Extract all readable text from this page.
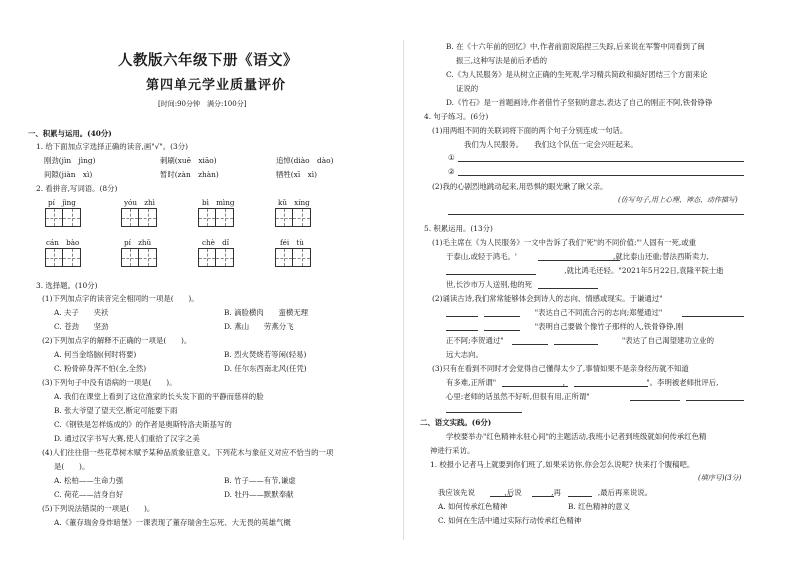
人教版六年级下册《语文》
第四单元学业质量评价
[时间:90分钟　满分:100分]
一、积累与运用。(40分)
1. 给下面加点字选择正确的读音,画"√"。(3分)
刚劲(jìn　jìng)	刺刷(xuē　xiāo)	追悼(diào　dào)
间隙(jiàn　xì)	暂时(zàn　zhàn)	牺牲(xī　xì)
2. 看拼音,写词语。(8分)
pí　jìng	yóu　zhì	bì　mìng	kǔ　xíng
cán　bào	pí　zhǔ	chè　dǐ	féi　tù
3. 选择题。(10分)
(1)下列加点字的读音完全相同的一项是(　　)。
A. 夫子　　夹袄	B. 滴脸横肉　　蛮横无理
C. 苍劲　　坚劲	D. 燕山　　劳燕分飞
(2)下列加点字的解释不正确的一项是(　　)。
A. 何当金络脑(何时将要)	B. 烈火焚烧若等闲(轻易)
C. 粉骨碎身浑不怕(全,全然)	D. 任尔东西南北风(任凭)
(3)下列句子中没有语病的一项是(　　)。
A. 我们在课堂上看到了这位渔家的长头发下面的平静而慈祥的脸
B. 张大爷望了望天空,断定可能要下雨
C.《钢铁是怎样炼成的》的作者是奥斯特洛夫斯基写的
D. 通过汉字书写大赛,使人们重拾了汉字之美
(4)人们往往借一些花草树木赋予某种品质象征意义。下列花木与象征义对应不恰当的一项
是(　　)。
A. 松柏——生命力强	B. 竹子——有节,谦虚
C. 荷花——洁身自好	D. 牡丹——默默奉献
(5)下列说法错误的一项是(　　)。
A.《董存瑞舍身炸暗堡》一课表现了董存瑞舍生忘死、大无畏的英雄气概
B. 在《十六年前的回忆》中,作者前面说陷捏三失踪,后来说在军警中同看到了闽
振三,这种写法是前后矛盾的
C.《为人民服务》是从树立正确的生死观,学习精兵简政和搞好团结三个方面来论
证说的
D.《竹石》是一首题画诗,作者借竹子坚韧的意志,表达了自己的刚正不阿,铁骨铮铮
4. 句子练习。(6分)
(1)用两组不同的关联词将下面的两个句子分别连成一句话。
我们为人民服务。　　我们这个队伍一定会兴旺起来。
①
②
(2)我的心剧烈地跳动起来,用恐惧的眼光瞅了瞅父亲。
(仿写句子,用上心理、神态、动作描写)
5. 积累运用。(13分)
(1)毛主席在《为人民服务》一文中告诉了我们"死"的不同价值:"'人固有一死,或重
于泰山,或轻于鸿毛。'　　　　　　　　　　　　　,就比泰山还重;替法西斯卖力,
　　　　　　　　　　　　　　　　,就比鸿毛还轻。"2021年5月22日,袁隆平院士逝
世,长沙市万人送别,他的死
(2)诵读古诗,我们常常能够体会到诗人的志向、情感或现实。于谦通过"
　　　　　　　　　　　　"表达自己不同流合污的志向;郑燮通过"
　　　　　　　　　　　　"表明自己要做个像竹子那样的人,铁骨铮铮,刚
正不阿;李贺通过"　　　　　　　　　　　　　　　　"表达了自己渴望建功立业的
远大志向。
(3)只有在看到不同时才会觉得自己懂得太少了,事情如果不是亲身经历就不知道
有多难,正所谓"　　　　　　　　　,　　　　　　　　　　　"。李明被老师批评后,
心里:老师的话虽然不好听,但很有用,正所谓"
二、语文实践。(6分)
学校要举办"红色精神永驻心间"的主题活动,我班小记者到班级就如何传承红色精
神进行采访。
1. 校报小记者马上就要到你们班了,如果采访你,你会怎么说呢? 快来打个腹稿吧。
(填序号)(3分)
我应该先说　　　　,后说　　　　,再　　　　　,最后再来说说。
A. 如何传承红色精神	B. 红色精神的意义
C. 如何在生活中通过实际行动传承红色精神
